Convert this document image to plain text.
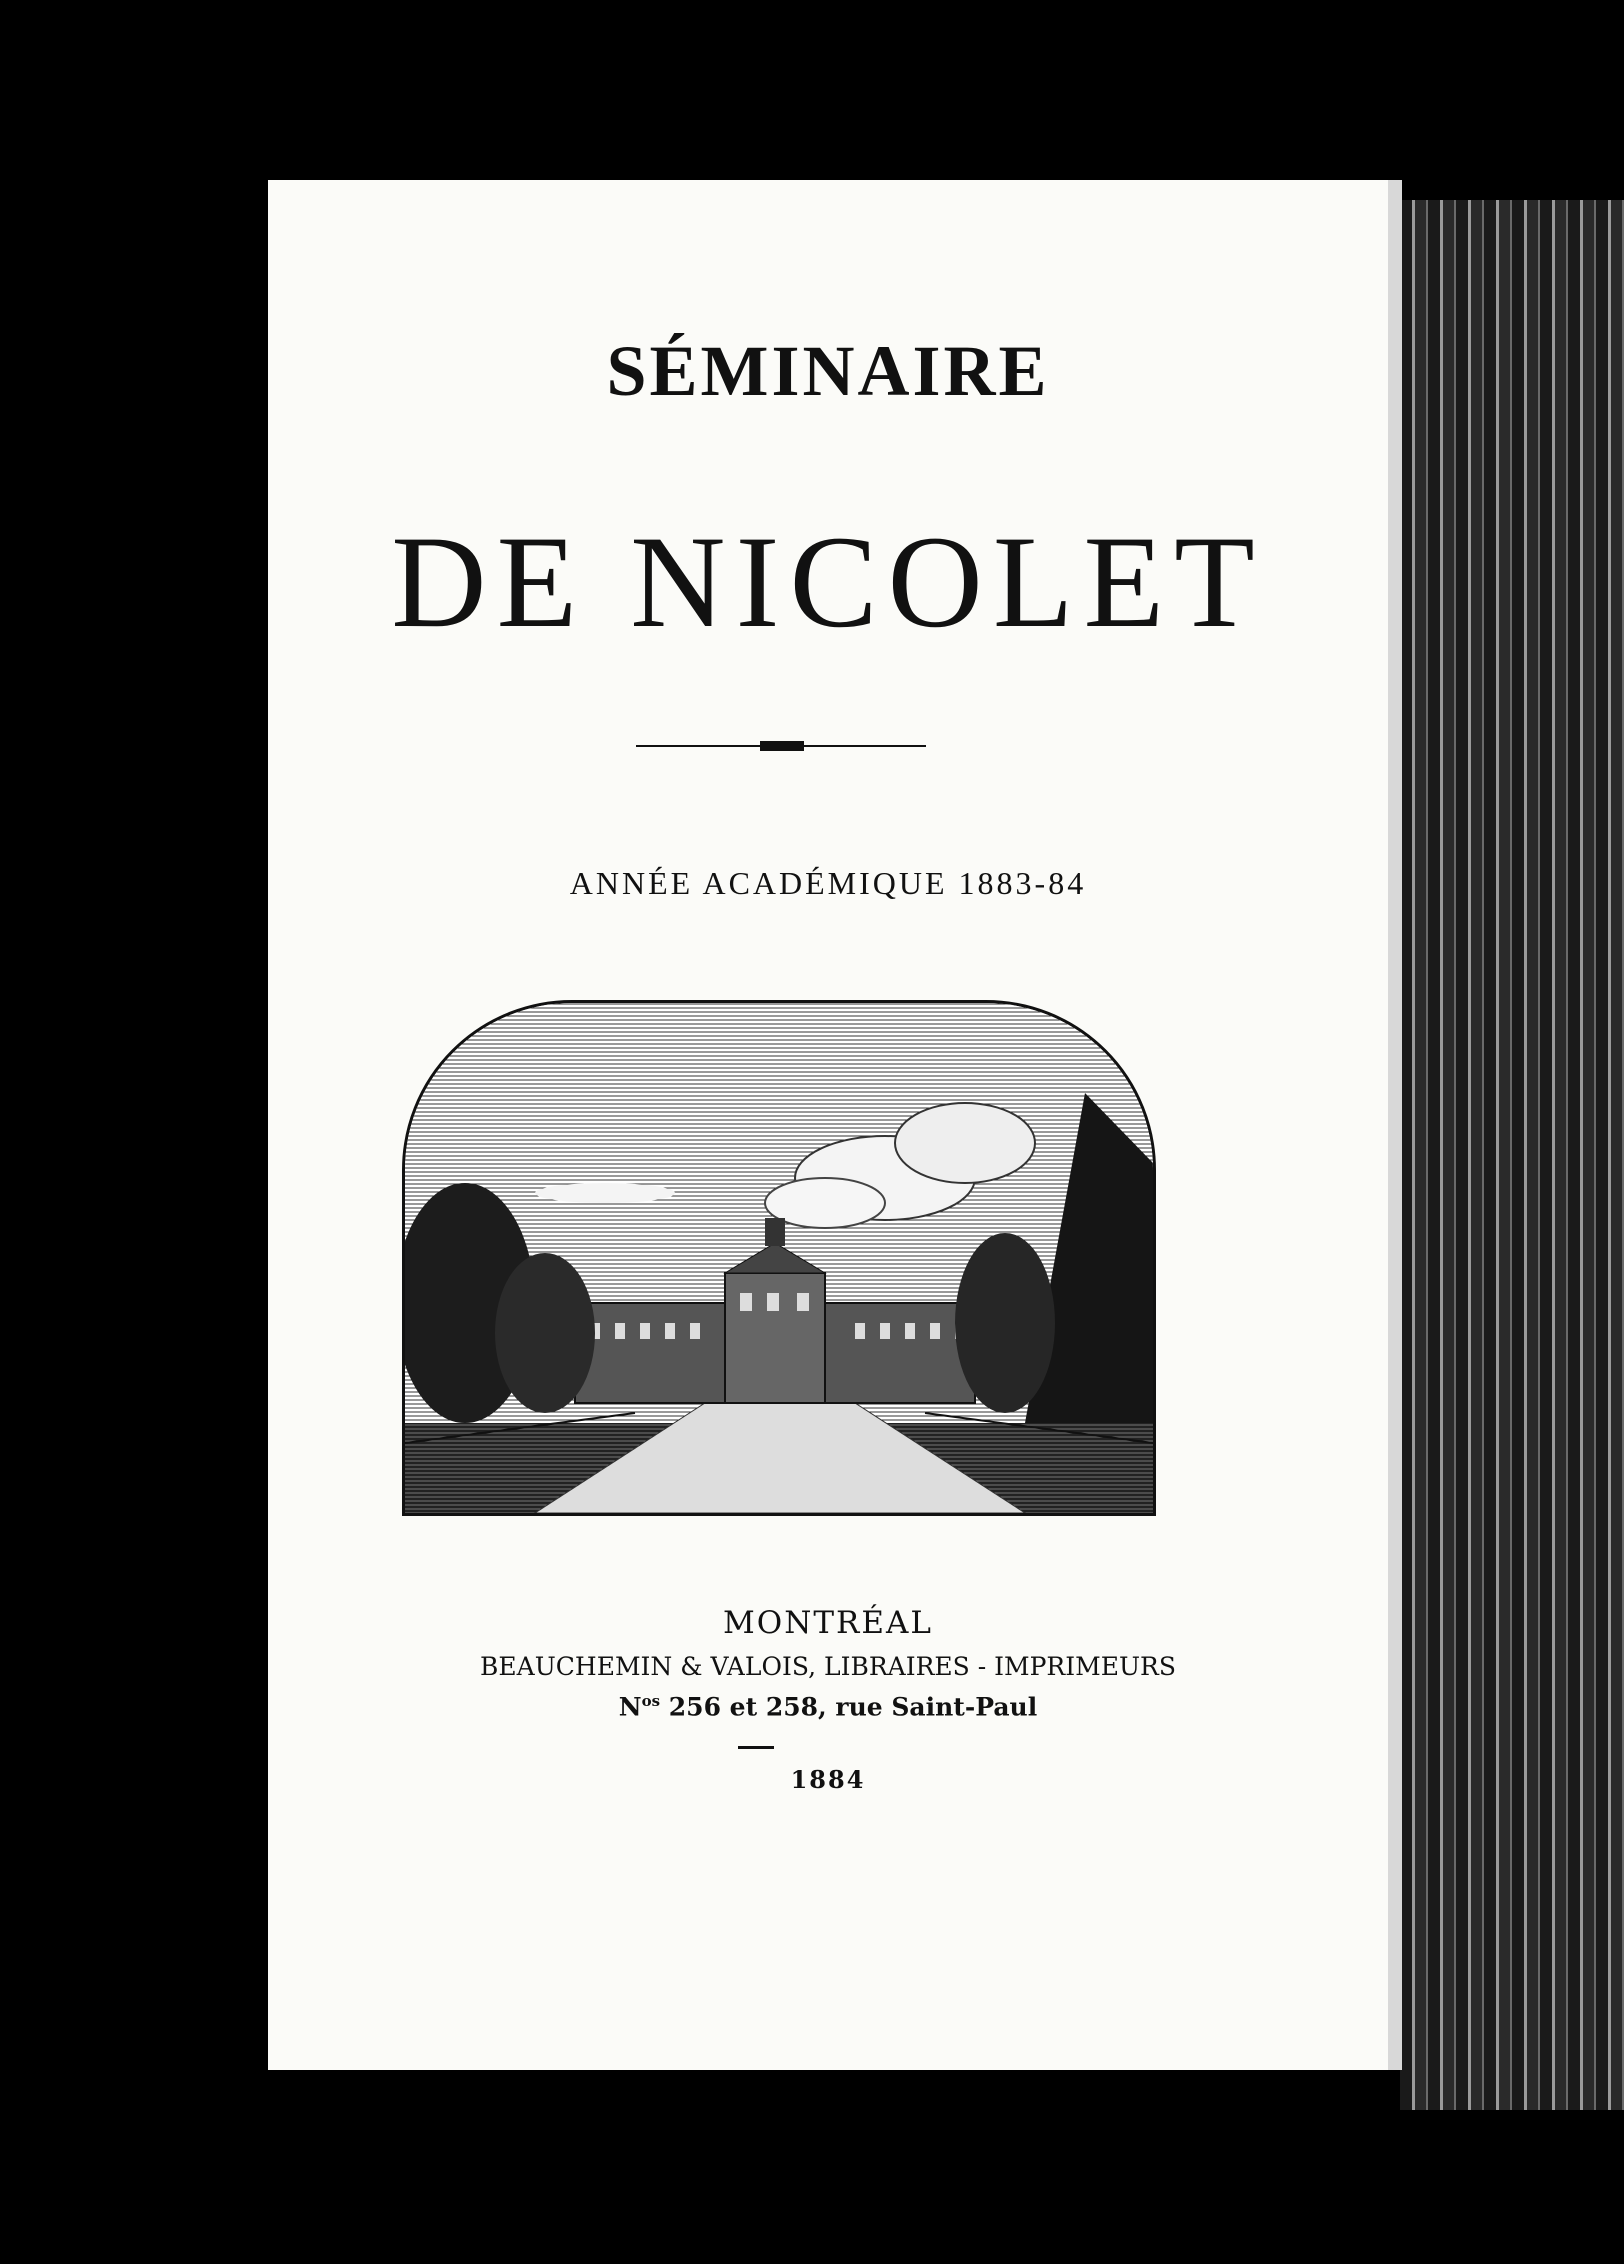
SÉMINAIRE
DE NICOLET
ANNÉE ACADÉMIQUE 1883-84
MONTRÉAL
BEAUCHEMIN & VALOIS, LIBRAIRES - IMPRIMEURS
$N^{os}$ 256 et 258, rue Saint-Paul
1884
